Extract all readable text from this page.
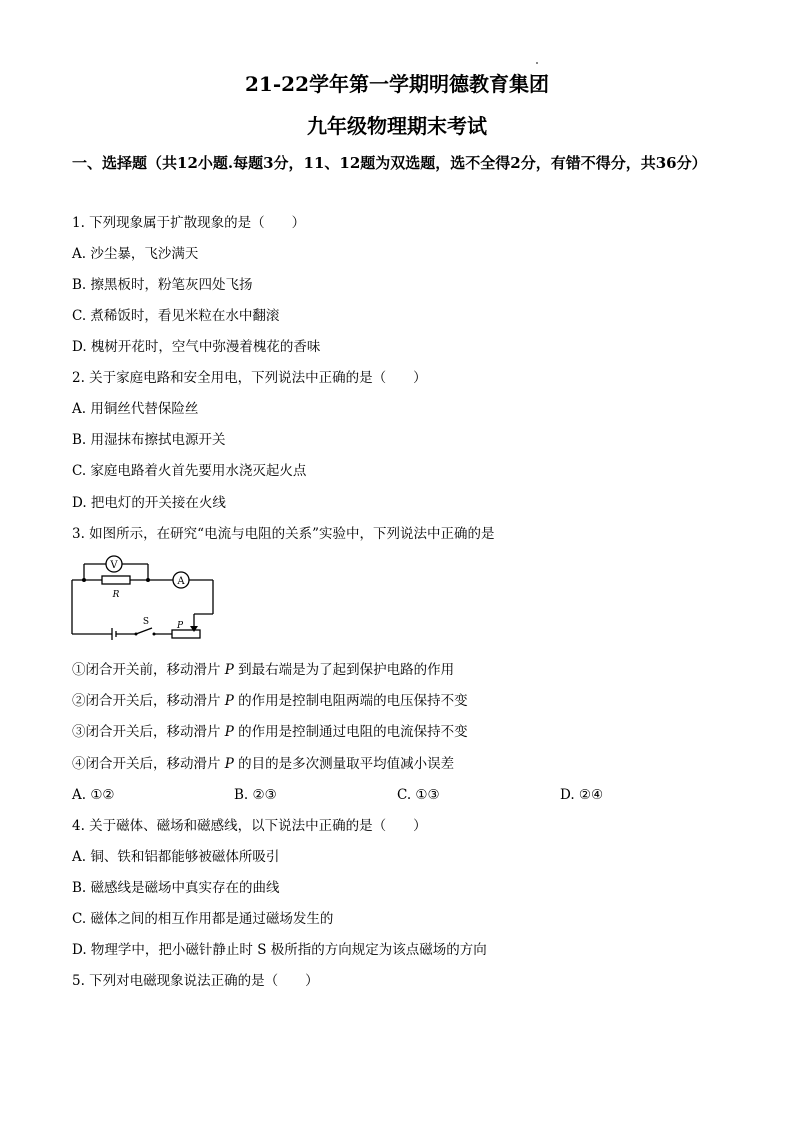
21-22学年第一学期明德教育集团
九年级物理期末考试
一、选择题（共12小题.每题3分，11、12题为双选题，选不全得2分，有错不得分，共36分）
1. 下列现象属于扩散现象的是（　　）
A. 沙尘暴，飞沙满天
B. 擦黑板时，粉笔灰四处飞扬
C. 煮稀饭时，看见米粒在水中翻滚
D. 槐树开花时，空气中弥漫着槐花的香味
2. 关于家庭电路和安全用电，下列说法中正确的是（　　）
A. 用铜丝代替保险丝
B. 用湿抹布擦拭电源开关
C. 家庭电路着火首先要用水浇灭起火点
D. 把电灯的开关接在火线
3. 如图所示，在研究“电流与电阻的关系”实验中，下列说法中正确的是
V
A
R
S	P
①闭合开关前，移动滑片 P 到最右端是为了起到保护电路的作用
②闭合开关后，移动滑片 P 的作用是控制电阻两端的电压保持不变
③闭合开关后，移动滑片 P 的作用是控制通过电阻的电流保持不变
④闭合开关后，移动滑片 P 的目的是多次测量取平均值减小误差
A. ①②	B. ②③	C. ①③	D. ②④
4. 关于磁体、磁场和磁感线，以下说法中正确的是（　　）
A. 铜、铁和铝都能够被磁体所吸引
B. 磁感线是磁场中真实存在的曲线
C. 磁体之间的相互作用都是通过磁场发生的
D. 物理学中，把小磁针静止时 S 极所指的方向规定为该点磁场的方向
5. 下列对电磁现象说法正确的是（　　）
